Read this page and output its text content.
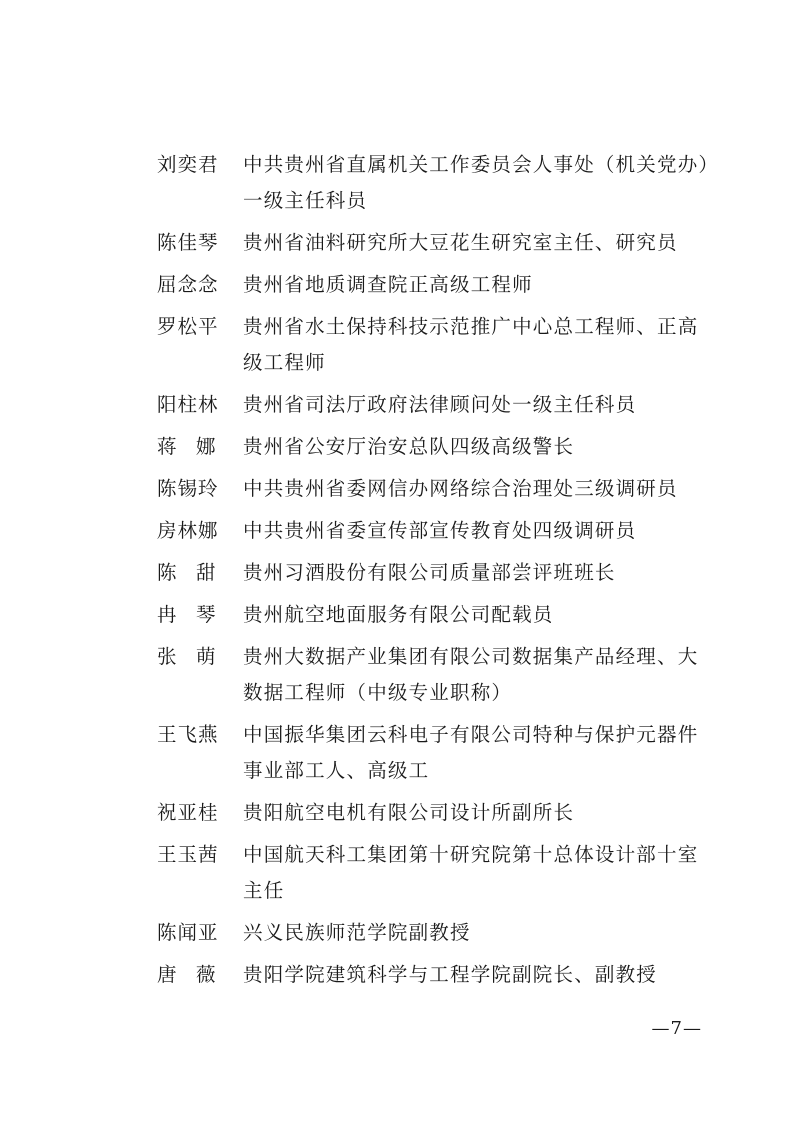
刘奕君	中共贵州省直属机关工作委员会人事处（机关党办）一级主任科员
陈佳琴	贵州省油料研究所大豆花生研究室主任、研究员
屈念念	贵州省地质调查院正高级工程师
罗松平	贵州省水土保持科技示范推广中心总工程师、正高级工程师
阳柱林	贵州省司法厅政府法律顾问处一级主任科员
蒋　娜	贵州省公安厅治安总队四级高级警长
陈锡玲	中共贵州省委网信办网络综合治理处三级调研员
房林娜	中共贵州省委宣传部宣传教育处四级调研员
陈　甜	贵州习酒股份有限公司质量部尝评班班长
冉　琴	贵州航空地面服务有限公司配载员
张　萌	贵州大数据产业集团有限公司数据集产品经理、大数据工程师（中级专业职称）
王飞燕	中国振华集团云科电子有限公司特种与保护元器件事业部工人、高级工
祝亚桂	贵阳航空电机有限公司设计所副所长
王玉茜	中国航天科工集团第十研究院第十总体设计部十室主任
陈闻亚	兴义民族师范学院副教授
唐　薇	贵阳学院建筑科学与工程学院副院长、副教授
—7—
